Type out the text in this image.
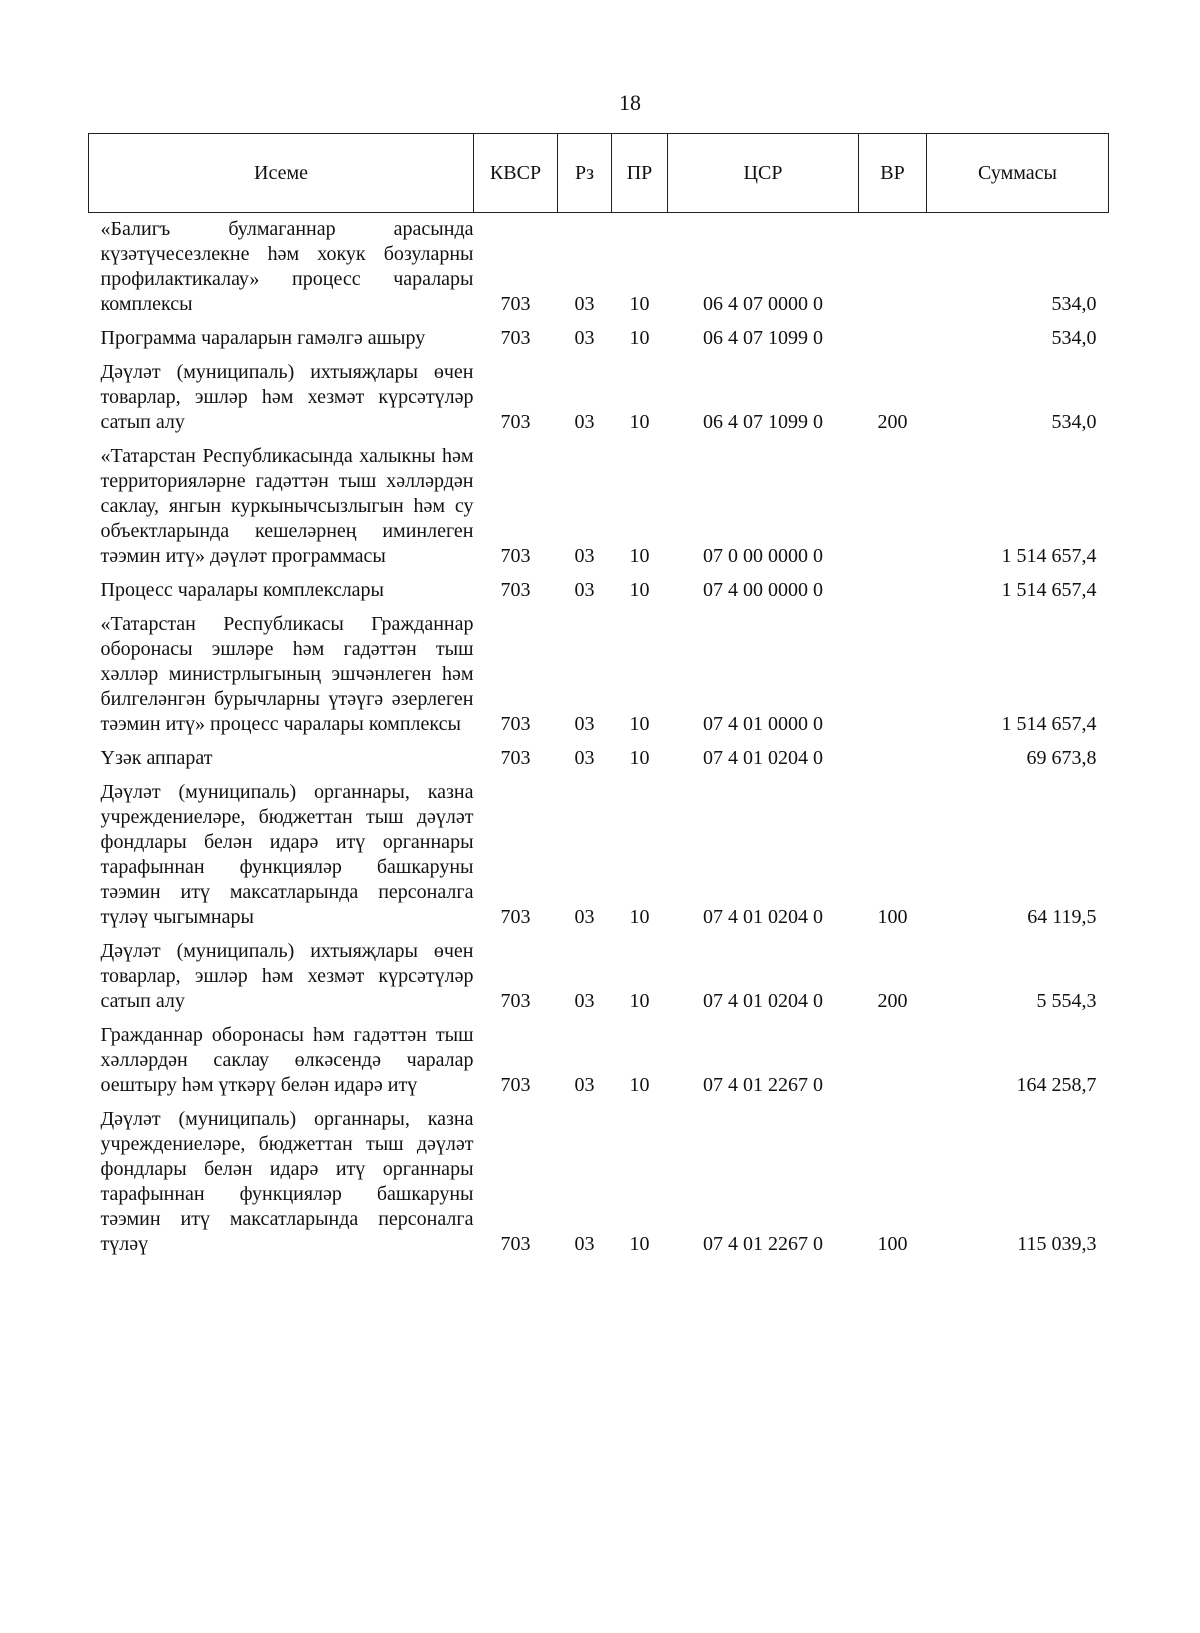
18
Исеме	КВСР	Рз	ПР	ЦСР	ВР	Суммасы
«Балигъ булмаганнар арасында күзәтүчесезлекне һәм хокук бозуларны профилактикалау» процесс чаралары комплексы	703	03	10	06 4 07 0000 0		534,0
Программа чараларын гамәлгә ашыру	703	03	10	06 4 07 1099 0		534,0
Дәүләт (муниципаль) ихтыяҗлары өчен товарлар, эшләр һәм хезмәт күрсәтүләр сатып алу	703	03	10	06 4 07 1099 0	200	534,0
«Татарстан Республикасында халыкны һәм территорияләрне гадәттән тыш хәлләрдән саклау, янгын куркынычсызлыгын һәм су объектларында кешеләрнең иминлеген тәэмин итү» дәүләт программасы	703	03	10	07 0 00 0000 0		1 514 657,4
Процесс чаралары комплекслары	703	03	10	07 4 00 0000 0		1 514 657,4
«Татарстан Республикасы Гражданнар оборонасы эшләре һәм гадәттән тыш хәлләр министрлыгының эшчәнлеген һәм билгеләнгән бурычларны үтәүгә әзерлеген тәэмин итү» процесс чаралары комплексы	703	03	10	07 4 01 0000 0		1 514 657,4
Үзәк аппарат	703	03	10	07 4 01 0204 0		69 673,8
Дәүләт (муниципаль) органнары, казна учреждениеләре, бюджеттан тыш дәүләт фондлары белән идарә итү органнары тарафыннан функцияләр башкаруны тәэмин итү максатларында персоналга түләү чыгымнары	703	03	10	07 4 01 0204 0	100	64 119,5
Дәүләт (муниципаль) ихтыяҗлары өчен товарлар, эшләр һәм хезмәт күрсәтүләр сатып алу	703	03	10	07 4 01 0204 0	200	5 554,3
Гражданнар оборонасы һәм гадәттән тыш хәлләрдән саклау өлкәсендә чаралар оештыру һәм үткәрү белән идарә итү	703	03	10	07 4 01 2267 0		164 258,7
Дәүләт (муниципаль) органнары, казна учреждениеләре, бюджеттан тыш дәүләт фондлары белән идарә итү органнары тарафыннан функцияләр башкаруны тәэмин итү максатларында персоналга түләү	703	03	10	07 4 01 2267 0	100	115 039,3
